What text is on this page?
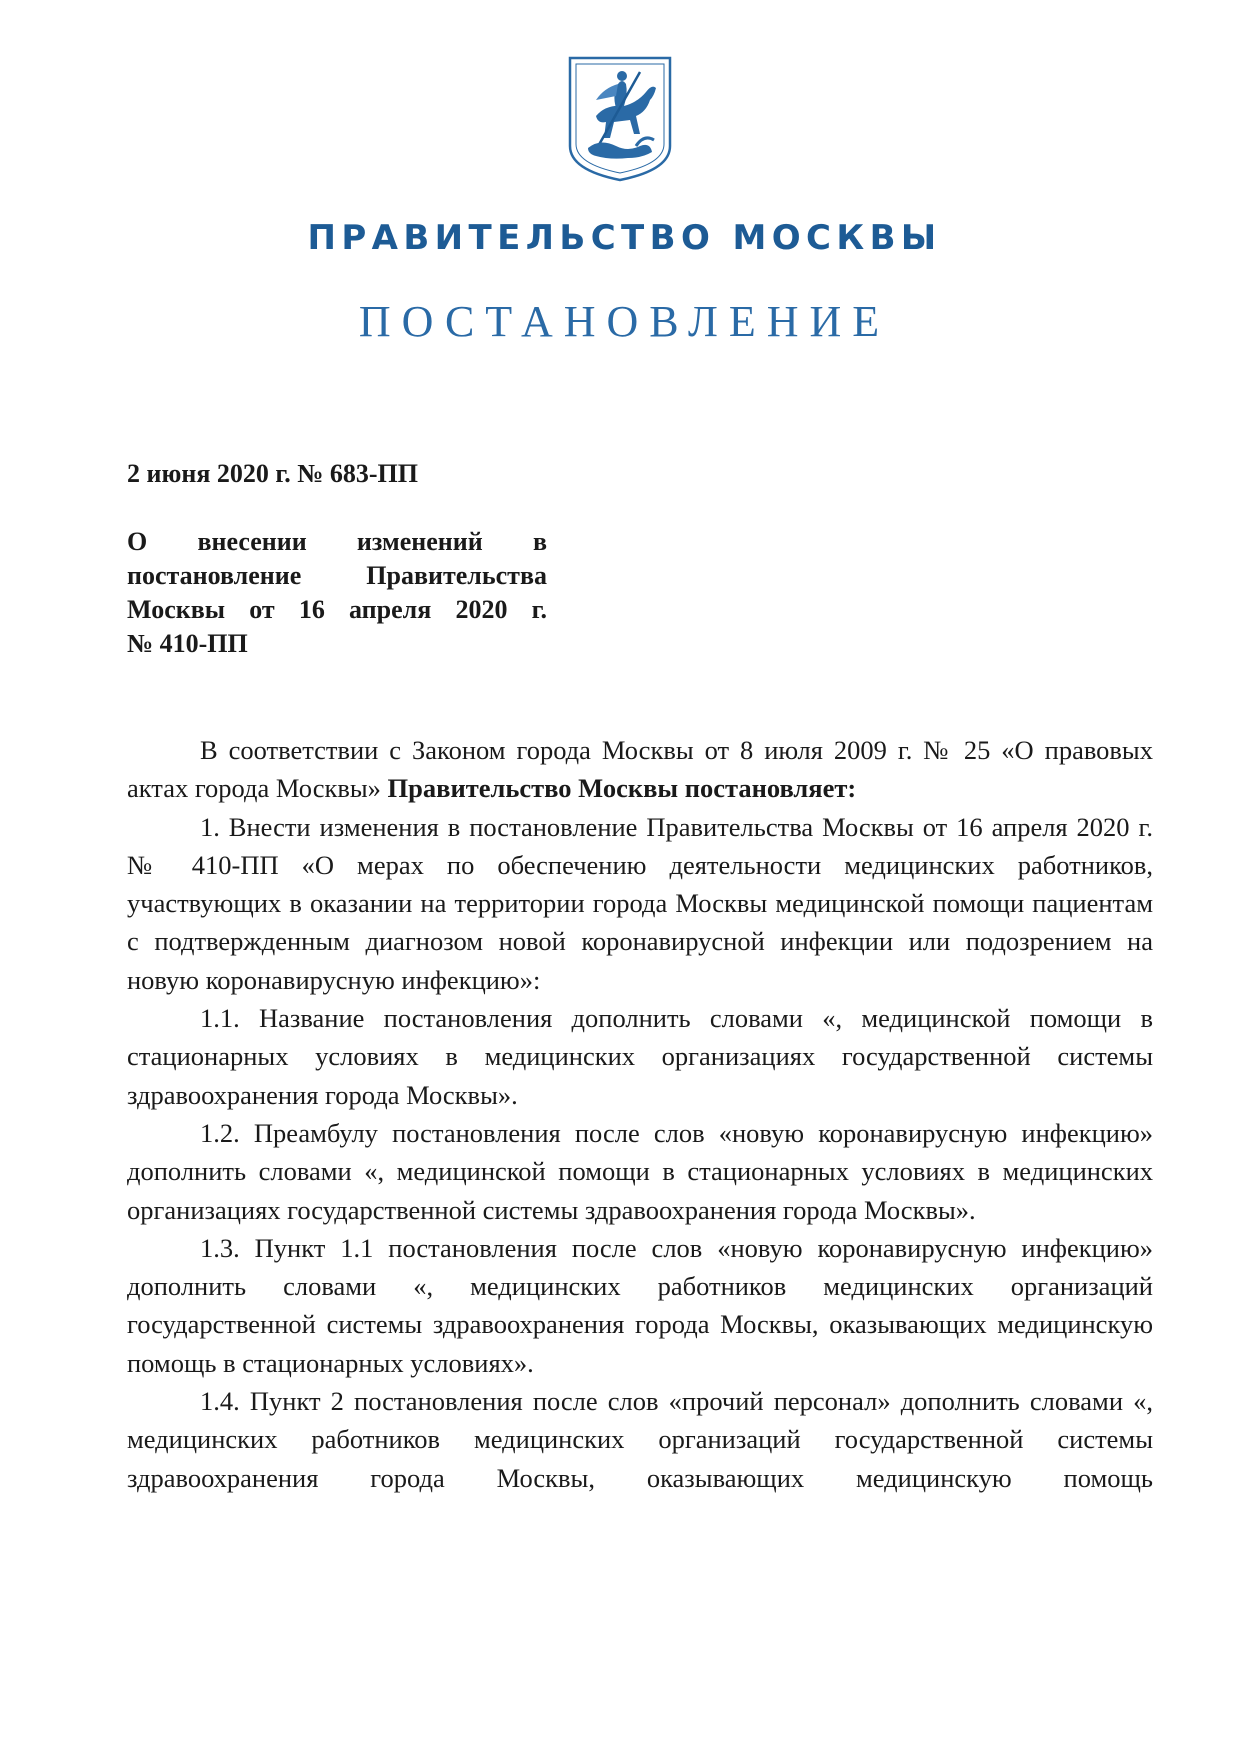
ПРАВИТЕЛЬСТВО МОСКВЫ
ПОСТАНОВЛЕНИЕ
2 июня 2020 г. № 683-ПП
О внесении изменений в постановление Правительства Москвы от 16 апреля 2020 г.
№ 410-ПП

В соответствии с Законом города Москвы от 8 июля 2009 г. № 25 «О правовых актах города Москвы» Правительство Москвы постановляет:

1. Внести изменения в постановление Правительства Москвы от 16 апреля 2020 г. № 410-ПП «О мерах по обеспечению деятельности медицинских работников, участвующих в оказании на территории города Москвы медицинской помощи пациентам с подтвержденным диагнозом новой коронавирусной инфекции или подозрением на новую коронавирусную инфекцию»:

1.1. Название постановления дополнить словами «, медицинской помощи в стационарных условиях в медицинских организациях государственной системы здравоохранения города Москвы».

1.2. Преамбулу постановления после слов «новую коронавирусную инфекцию» дополнить словами «, медицинской помощи в стационарных условиях в медицинских организациях государственной системы здравоохранения города Москвы».

1.3. Пункт 1.1 постановления после слов «новую коронавирусную инфекцию» дополнить словами «, медицинских работников медицинских организаций государственной системы здравоохранения города Москвы, оказывающих медицинскую помощь в стационарных условиях».

1.4. Пункт 2 постановления после слов «прочий персонал» дополнить словами «, медицинских работников медицинских организаций государственной системы здравоохранения города Москвы, оказывающих медицинскую помощь
